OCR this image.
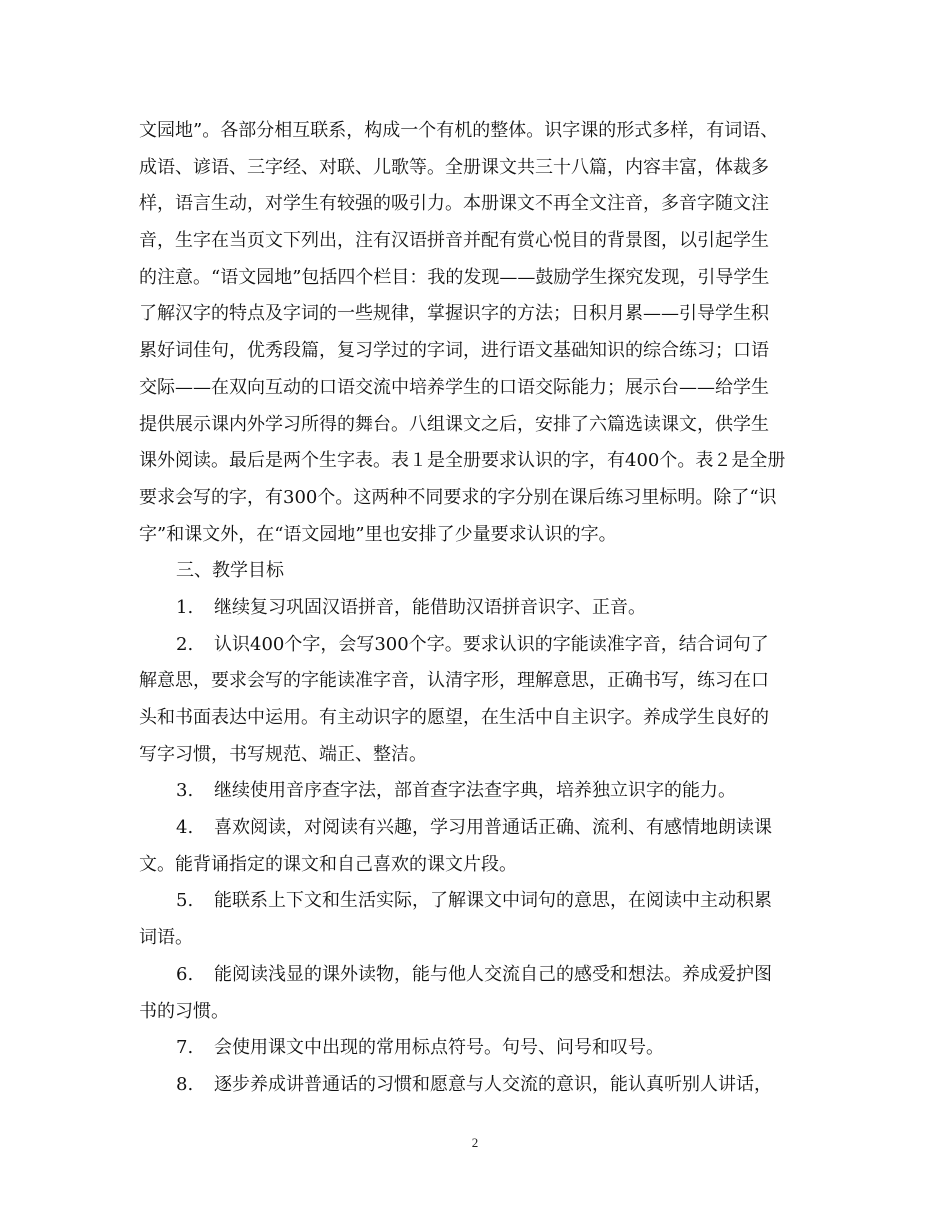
文园地”。各部分相互联系，构成一个有机的整体。识字课的形式多样，有词语、
成语、谚语、三字经、对联、儿歌等。全册课文共三十八篇，内容丰富，体裁多
样，语言生动，对学生有较强的吸引力。本册课文不再全文注音，多音字随文注
音，生字在当页文下列出，注有汉语拼音并配有赏心悦目的背景图，以引起学生
的注意。“语文园地”包括四个栏目：我的发现——鼓励学生探究发现，引导学生
了解汉字的特点及字词的一些规律，掌握识字的方法；日积月累——引导学生积
累好词佳句，优秀段篇，复习学过的字词，进行语文基础知识的综合练习；口语
交际——在双向互动的口语交流中培养学生的口语交际能力；展示台——给学生
提供展示课内外学习所得的舞台。八组课文之后，安排了六篇选读课文，供学生
课外阅读。最后是两个生字表。表１是全册要求认识的字，有400个。表２是全册
要求会写的字，有300个。这两种不同要求的字分别在课后练习里标明。除了“识
字”和课文外，在“语文园地”里也安排了少量要求认识的字。
三、教学目标
1. 继续复习巩固汉语拼音，能借助汉语拼音识字、正音。
2. 认识400个字，会写300个字。要求认识的字能读准字音，结合词句了
解意思，要求会写的字能读准字音，认清字形，理解意思，正确书写，练习在口
头和书面表达中运用。有主动识字的愿望，在生活中自主识字。养成学生良好的
写字习惯，书写规范、端正、整洁。
3. 继续使用音序查字法，部首查字法查字典，培养独立识字的能力。
4. 喜欢阅读，对阅读有兴趣，学习用普通话正确、流利、有感情地朗读课
文。能背诵指定的课文和自己喜欢的课文片段。
5. 能联系上下文和生活实际，了解课文中词句的意思，在阅读中主动积累
词语。
6. 能阅读浅显的课外读物，能与他人交流自己的感受和想法。养成爱护图
书的习惯。
7. 会使用课文中出现的常用标点符号。句号、问号和叹号。
8. 逐步养成讲普通话的习惯和愿意与人交流的意识，能认真听别人讲话，
2
